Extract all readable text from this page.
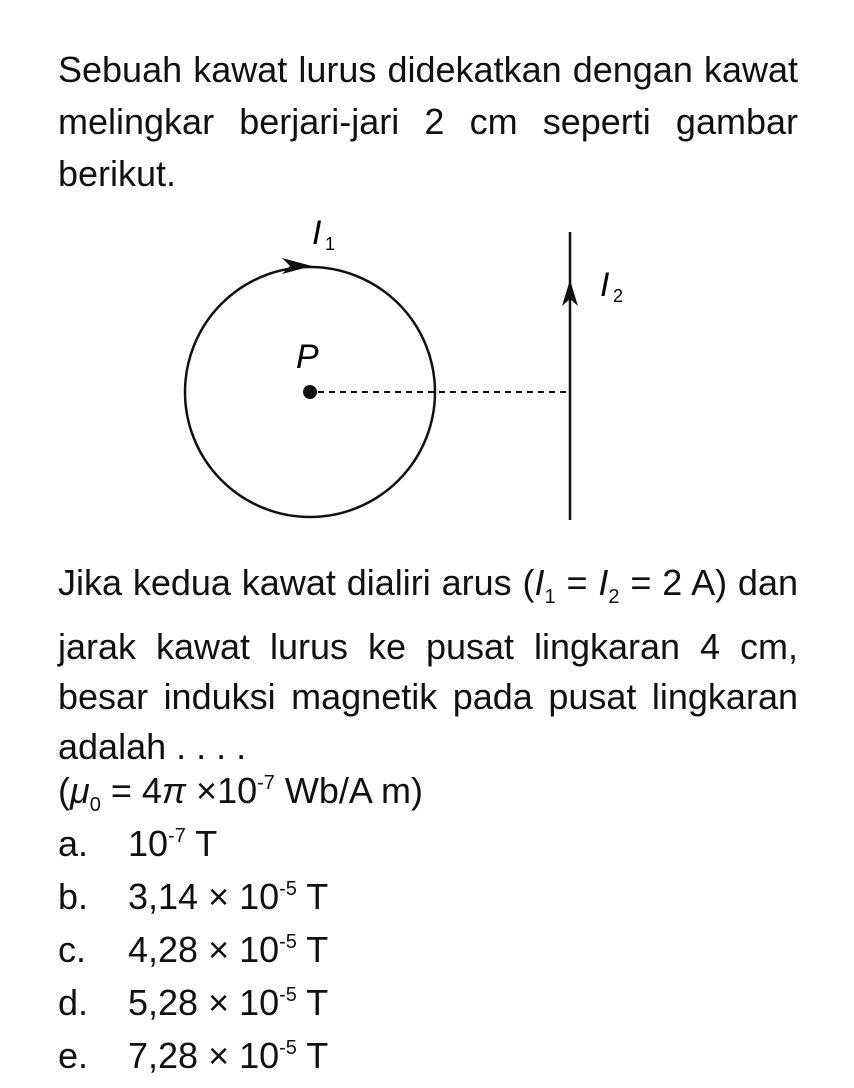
Sebuah kawat lurus didekatkan dengan kawat melingkar berjari-jari 2 cm seperti gambar berikut.
I 1
I 2
P
Jika kedua kawat dialiri arus ($I_1 = I_2 = 2$ A) dan jarak kawat lurus ke pusat lingkaran 4 cm, besar induksi magnetik pada pusat lingkaran adalah . . . .
($\mu_0 = 4\pi \times 10^{-7}$ Wb/A m)
a. $10^{-7}$ T
b. $3,14 \times 10^{-5}$ T
c. $4,28 \times 10^{-5}$ T
d. $5,28 \times 10^{-5}$ T
e. $7,28 \times 10^{-5}$ T
